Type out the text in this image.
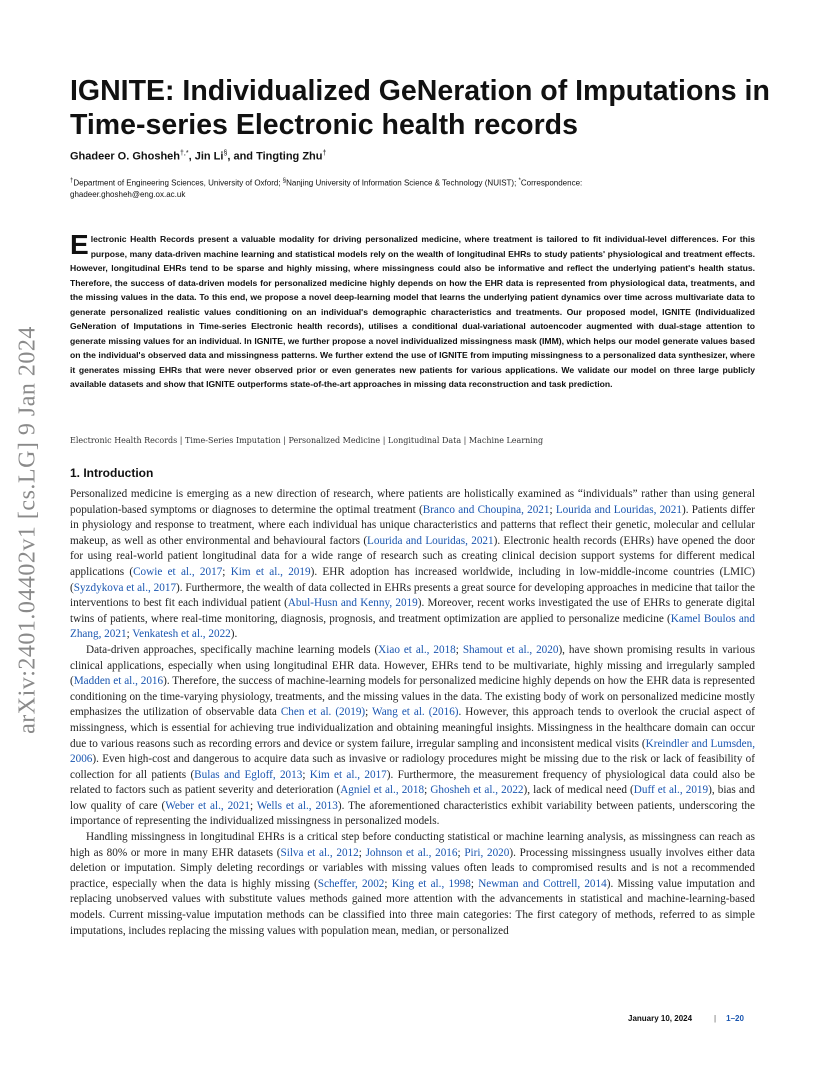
arXiv:2401.04402v1 [cs.LG] 9 Jan 2024
IGNITE: Individualized GeNeration of Imputations in Time-series Electronic health records
Ghadeer O. Ghosheh†,*, Jin Li§, and Tingting Zhu†
†Department of Engineering Sciences, University of Oxford; §Nanjing University of Information Science & Technology (NUIST); *Correspondence:
ghadeer.ghosheh@eng.ox.ac.uk

Electronic Health Records present a valuable modality for driving personalized medicine, where treatment is tailored to fit individual-level differences. For this purpose, many data-driven machine learning and statistical models rely on the wealth of longitudinal EHRs to study patients' physiological and treatment effects. However, longitudinal EHRs tend to be sparse and highly missing, where missingness could also be informative and reflect the underlying patient's health status. Therefore, the success of data-driven models for personalized medicine highly depends on how the EHR data is represented from physiological data, treatments, and the missing values in the data. To this end, we propose a novel deep-learning model that learns the underlying patient dynamics over time across multivariate data to generate personalized realistic values conditioning on an individual's demographic characteristics and treatments. Our proposed model, IGNITE (Individualized GeNeration of Imputations in Time-series Electronic health records), utilises a conditional dual-variational autoencoder augmented with dual-stage attention to generate missing values for an individual. In IGNITE, we further propose a novel individualized missingness mask (IMM), which helps our model generate values based on the individual's observed data and missingness patterns. We further extend the use of IGNITE from imputing missingness to a personalized data synthesizer, where it generates missing EHRs that were never observed prior or even generates new patients for various applications. We validate our model on three large publicly available datasets and show that IGNITE outperforms state-of-the-art approaches in missing data reconstruction and task prediction.

Electronic Health Records | Time-Series Imputation | Personalized Medicine | Longitudinal Data | Machine Learning
1. Introduction

Personalized medicine is emerging as a new direction of research, where patients are holistically examined as “individuals” rather than using general population-based symptoms or diagnoses to determine the optimal treatment (Branco and Choupina, 2021; Lourida and Louridas, 2021). Patients differ in physiology and response to treatment, where each individual has unique characteristics and patterns that reflect their genetic, molecular and cellular makeup, as well as other environmental and behavioural factors (Lourida and Louridas, 2021). Electronic health records (EHRs) have opened the door for using real-world patient longitudinal data for a wide range of research such as creating clinical decision support systems for different medical applications (Cowie et al., 2017; Kim et al., 2019). EHR adoption has increased worldwide, including in low-middle-income countries (LMIC) (Syzdykova et al., 2017). Furthermore, the wealth of data collected in EHRs presents a great source for developing approaches in medicine that tailor the interventions to best fit each individual patient (Abul-Husn and Kenny, 2019). Moreover, recent works investigated the use of EHRs to generate digital twins of patients, where real-time monitoring, diagnosis, prognosis, and treatment optimization are applied to personalize medicine (Kamel Boulos and Zhang, 2021; Venkatesh et al., 2022).

Data-driven approaches, specifically machine learning models (Xiao et al., 2018; Shamout et al., 2020), have shown promising results in various clinical applications, especially when using longitudinal EHR data. However, EHRs tend to be multivariate, highly missing and irregularly sampled (Madden et al., 2016). Therefore, the success of machine-learning models for personalized medicine highly depends on how the EHR data is represented conditioning on the time-varying physiology, treatments, and the missing values in the data. The existing body of work on personalized medicine mostly emphasizes the utilization of observable data Chen et al. (2019); Wang et al. (2016). However, this approach tends to overlook the crucial aspect of missingness, which is essential for achieving true individualization and obtaining meaningful insights. Missingness in the healthcare domain can occur due to various reasons such as recording errors and device or system failure, irregular sampling and inconsistent medical visits (Kreindler and Lumsden, 2006). Even high-cost and dangerous to acquire data such as invasive or radiology procedures might be missing due to the risk or lack of feasibility of collection for all patients (Bulas and Egloff, 2013; Kim et al., 2017). Furthermore, the measurement frequency of physiological data could also be related to factors such as patient severity and deterioration (Agniel et al., 2018; Ghosheh et al., 2022), lack of medical need (Duff et al., 2019), bias and low quality of care (Weber et al., 2021; Wells et al., 2013). The aforementioned characteristics exhibit variability between patients, underscoring the importance of representing the individualized missingness in personalized models.

Handling missingness in longitudinal EHRs is a critical step before conducting statistical or machine learning analysis, as missingness can reach as high as 80% or more in many EHR datasets (Silva et al., 2012; Johnson et al., 2016; Piri, 2020). Processing missingness usually involves either data deletion or imputation. Simply deleting recordings or variables with missing values often leads to compromised results and is not a recommended practice, especially when the data is highly missing (Scheffer, 2002; King et al., 1998; Newman and Cottrell, 2014). Missing value imputation and replacing unobserved values with substitute values methods gained more attention with the advancements in statistical and machine-learning-based models. Current missing-value imputation methods can be classified into three main categories: The first category of methods, referred to as simple imputations, includes replacing the missing values with population mean, median, or personalized

January 10, 2024	| 1–20
